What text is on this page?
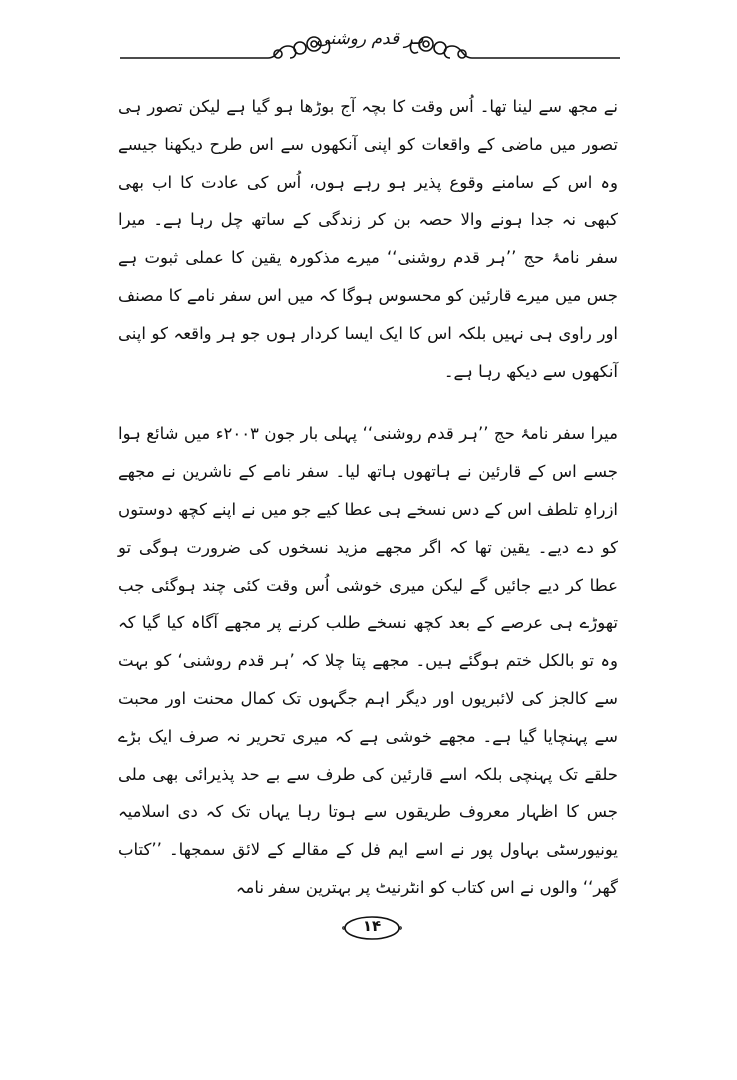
ہر قدم روشنی

نے مجھ سے لینا تھا۔ اُس وقت کا بچہ آج بوڑھا ہو گیا ہے لیکن تصور ہی تصور میں ماضی کے واقعات کو اپنی آنکھوں سے اس طرح دیکھنا جیسے وہ اس کے سامنے وقوع پذیر ہو رہے ہوں، اُس کی عادت کا اب بھی کبھی نہ جدا ہونے والا حصہ بن کر زندگی کے ساتھ چل رہا ہے۔ میرا سفر نامۂ حج ’’ہر قدم روشنی‘‘ میرے مذکورہ یقین کا عملی ثبوت ہے جس میں میرے قارئین کو محسوس ہوگا کہ میں اس سفر نامے کا مصنف اور راوی ہی نہیں بلکہ اس کا ایک ایسا کردار ہوں جو ہر واقعہ کو اپنی آنکھوں سے دیکھ رہا ہے۔

میرا سفر نامۂ حج ’’ہر قدم روشنی‘‘ پہلی بار جون ۲۰۰۳ء میں شائع ہوا جسے اس کے قارئین نے ہاتھوں ہاتھ لیا۔ سفر نامے کے ناشرین نے مجھے ازراہِ تلطف اس کے دس نسخے ہی عطا کیے جو میں نے اپنے کچھ دوستوں کو دے دیے۔ یقین تھا کہ اگر مجھے مزید نسخوں کی ضرورت ہوگی تو عطا کر دیے جائیں گے لیکن میری خوشی اُس وقت کئی چند ہوگئی جب تھوڑے ہی عرصے کے بعد کچھ نسخے طلب کرنے پر مجھے آگاہ کیا گیا کہ وہ تو بالکل ختم ہوگئے ہیں۔ مجھے پتا چلا کہ ’ہر قدم روشنی‘ کو بہت سے کالجز کی لائبریوں اور دیگر اہم جگہوں تک کمال محنت اور محبت سے پہنچایا گیا ہے۔ مجھے خوشی ہے کہ میری تحریر نہ صرف ایک بڑے حلقے تک پہنچی بلکہ اسے قارئین کی طرف سے بے حد پذیرائی بھی ملی جس کا اظہار معروف طریقوں سے ہوتا رہا یہاں تک کہ دی اسلامیہ یونیورسٹی بہاول پور نے اسے ایم فل کے مقالے کے لائق سمجھا۔ ’’کتاب گھر‘‘ والوں نے اس کتاب کو انٹرنیٹ پر بہترین سفر نامہ

۱۴
